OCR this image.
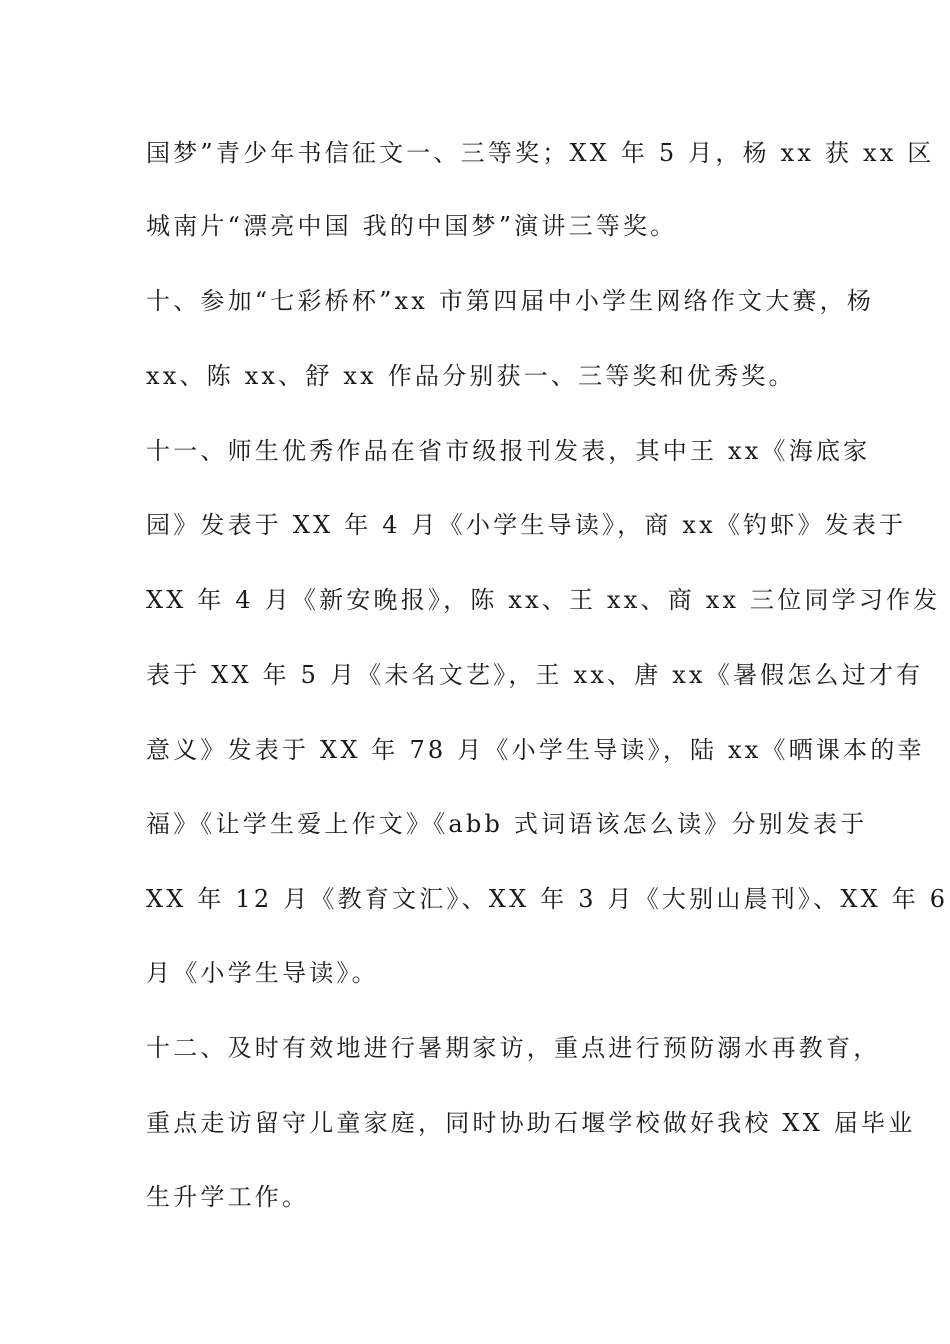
国梦”青少年书信征文一、三等奖；XX 年 5 月，杨 xx 获 xx 区
城南片“漂亮中国 我的中国梦”演讲三等奖。
十、参加“七彩桥杯”xx 市第四届中小学生网络作文大赛，杨
xx、陈 xx、舒 xx 作品分别获一、三等奖和优秀奖。
十一、师生优秀作品在省市级报刊发表，其中王 xx《海底家
园》发表于 XX 年 4 月《小学生导读》，商 xx《钓虾》发表于
XX 年 4 月《新安晚报》，陈 xx、王 xx、商 xx 三位同学习作发
表于 XX 年 5 月《未名文艺》，王 xx、唐 xx《暑假怎么过才有
意义》发表于 XX 年 78 月《小学生导读》，陆 xx《晒课本的幸
福》《让学生爱上作文》《abb 式词语该怎么读》分别发表于
XX 年 12 月《教育文汇》、XX 年 3 月《大别山晨刊》、XX 年 6
月《小学生导读》。
十二、及时有效地进行暑期家访，重点进行预防溺水再教育，
重点走访留守儿童家庭，同时协助石堰学校做好我校 XX 届毕业
生升学工作。
